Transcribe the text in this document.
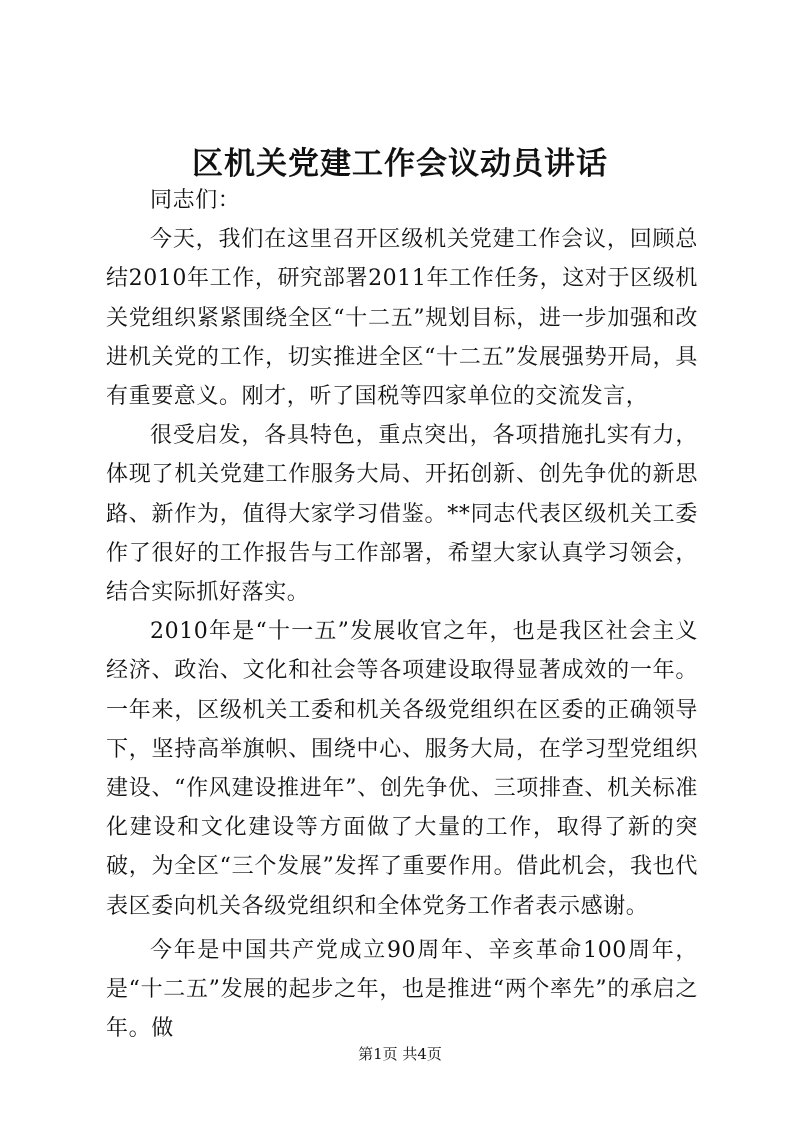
区机关党建工作会议动员讲话

同志们：

今天，我们在这里召开区级机关党建工作会议，回顾总结2010年工作，研究部署2011年工作任务，这对于区级机关党组织紧紧围绕全区“十二五”规划目标，进一步加强和改进机关党的工作，切实推进全区“十二五”发展强势开局，具有重要意义。刚才，听了国税等四家单位的交流发言，

很受启发，各具特色，重点突出，各项措施扎实有力，体现了机关党建工作服务大局、开拓创新、创先争优的新思路、新作为，值得大家学习借鉴。**同志代表区级机关工委作了很好的工作报告与工作部署，希望大家认真学习领会，结合实际抓好落实。

2010年是“十一五”发展收官之年，也是我区社会主义经济、政治、文化和社会等各项建设取得显著成效的一年。一年来，区级机关工委和机关各级党组织在区委的正确领导下，坚持高举旗帜、围绕中心、服务大局，在学习型党组织建设、“作风建设推进年”、创先争优、三项排查、机关标准化建设和文化建设等方面做了大量的工作，取得了新的突破，为全区“三个发展”发挥了重要作用。借此机会，我也代表区委向机关各级党组织和全体党务工作者表示感谢。

今年是中国共产党成立90周年、辛亥革命100周年，是“十二五”发展的起步之年，也是推进“两个率先”的承启之年。做

第1页 共4页
